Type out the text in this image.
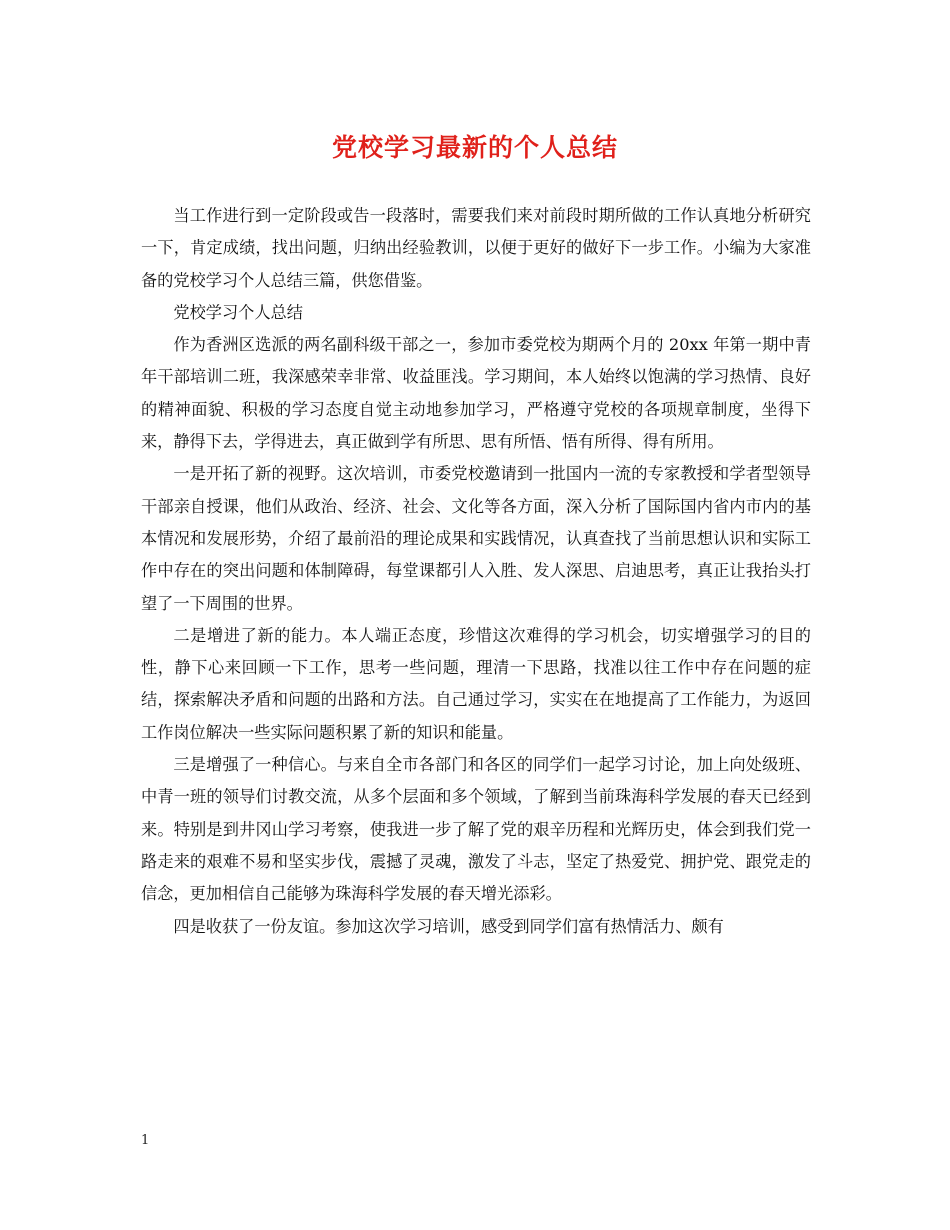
党校学习最新的个人总结

当工作进行到一定阶段或告一段落时，需要我们来对前段时期所做的工作认真地分析研究一下，肯定成绩，找出问题，归纳出经验教训，以便于更好的做好下一步工作。小编为大家准备的党校学习个人总结三篇，供您借鉴。

党校学习个人总结

作为香洲区选派的两名副科级干部之一，参加市委党校为期两个月的 20xx 年第一期中青年干部培训二班，我深感荣幸非常、收益匪浅。学习期间，本人始终以饱满的学习热情、良好的精神面貌、积极的学习态度自觉主动地参加学习，严格遵守党校的各项规章制度，坐得下来，静得下去，学得进去，真正做到学有所思、思有所悟、悟有所得、得有所用。

一是开拓了新的视野。这次培训，市委党校邀请到一批国内一流的专家教授和学者型领导干部亲自授课，他们从政治、经济、社会、文化等各方面，深入分析了国际国内省内市内的基本情况和发展形势，介绍了最前沿的理论成果和实践情况，认真查找了当前思想认识和实际工作中存在的突出问题和体制障碍，每堂课都引人入胜、发人深思、启迪思考，真正让我抬头打望了一下周围的世界。

二是增进了新的能力。本人端正态度，珍惜这次难得的学习机会，切实增强学习的目的性，静下心来回顾一下工作，思考一些问题，理清一下思路，找准以往工作中存在问题的症结，探索解决矛盾和问题的出路和方法。自己通过学习，实实在在地提高了工作能力，为返回工作岗位解决一些实际问题积累了新的知识和能量。

三是增强了一种信心。与来自全市各部门和各区的同学们一起学习讨论，加上向处级班、中青一班的领导们讨教交流，从多个层面和多个领域，了解到当前珠海科学发展的春天已经到来。特别是到井冈山学习考察，使我进一步了解了党的艰辛历程和光辉历史，体会到我们党一路走来的艰难不易和坚实步伐，震撼了灵魂，激发了斗志，坚定了热爱党、拥护党、跟党走的信念，更加相信自己能够为珠海科学发展的春天增光添彩。

四是收获了一份友谊。参加这次学习培训，感受到同学们富有热情活力、颇有

1
